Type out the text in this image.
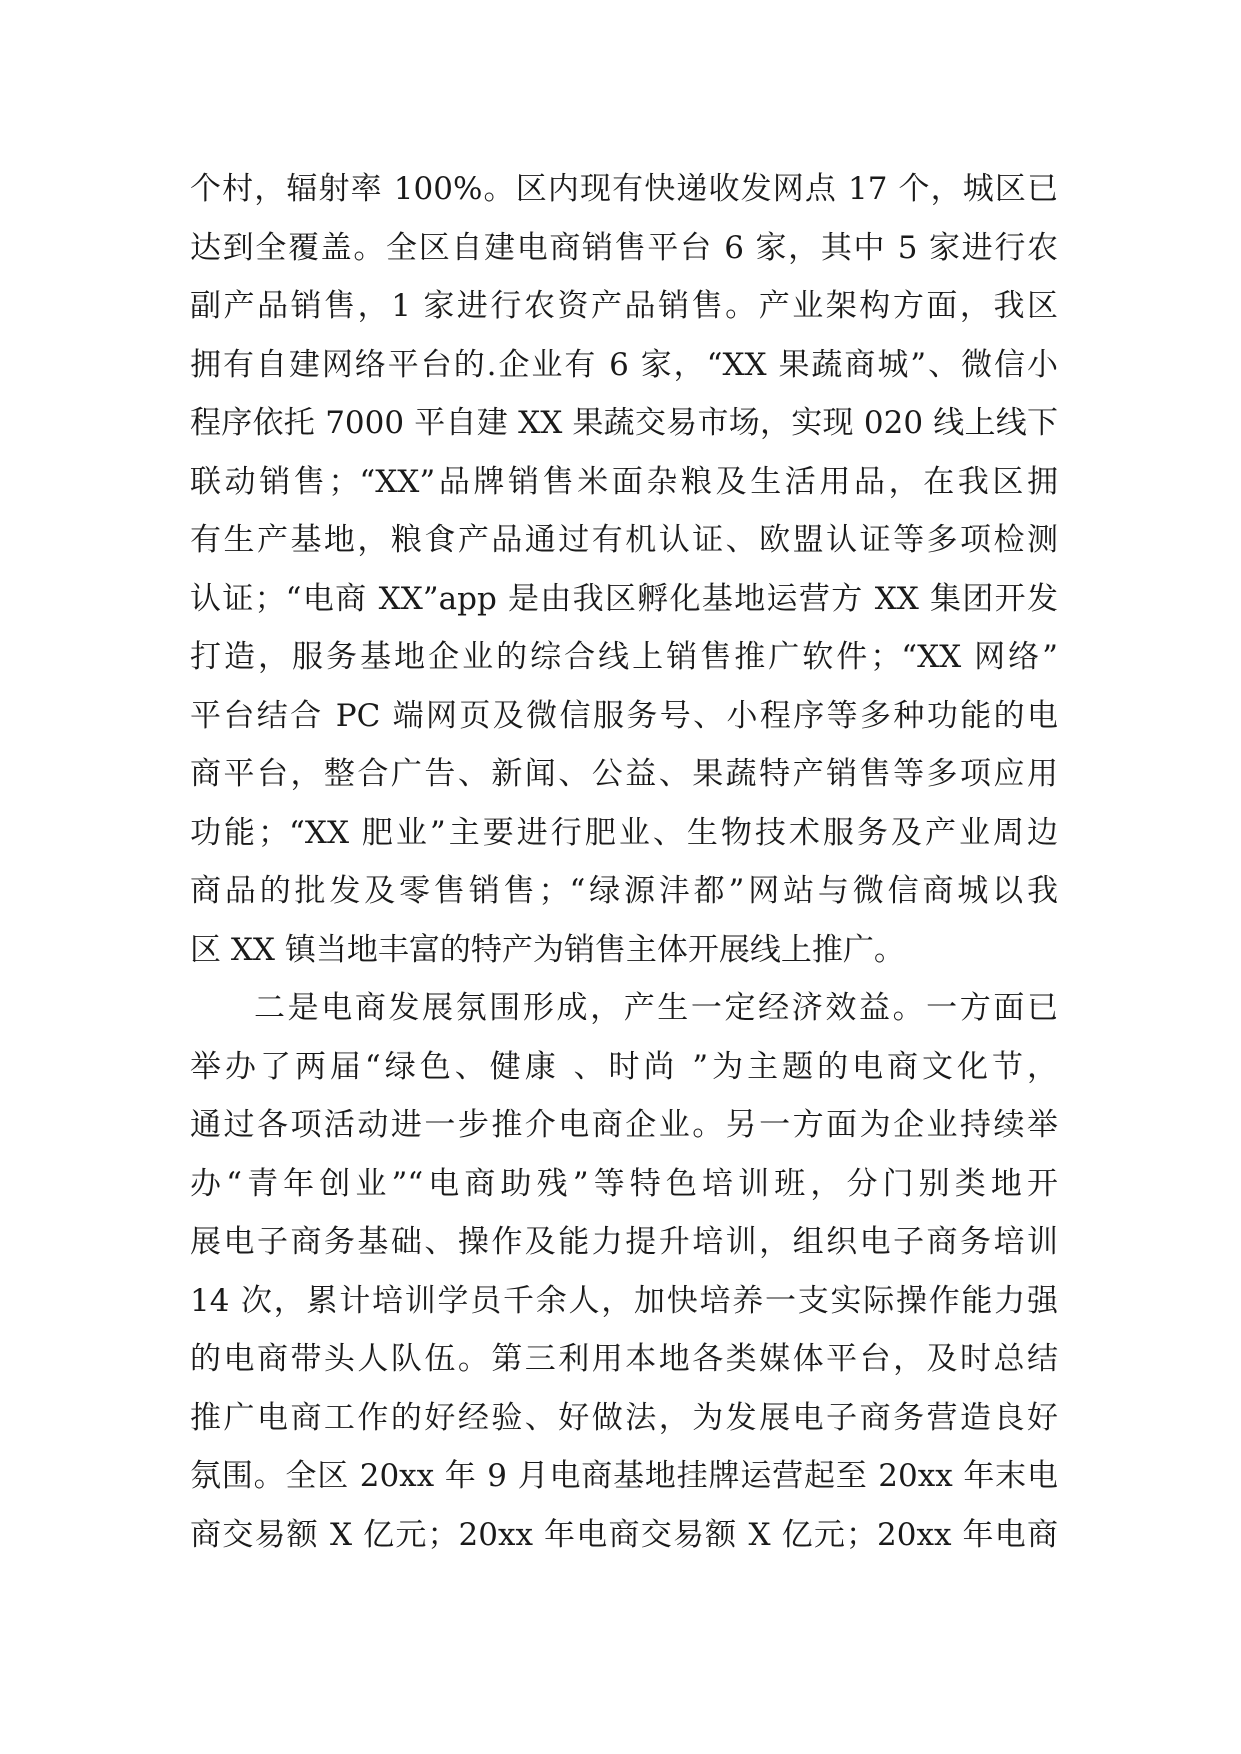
个村，辐射率 100%。区内现有快递收发网点 17 个，城区已
达到全覆盖。全区自建电商销售平台 6 家，其中 5 家进行农
副产品销售，1 家进行农资产品销售。产业架构方面，我区
拥有自建网络平台的.企业有 6 家，“XX 果蔬商城”、微信小
程序依托 7000 平自建 XX 果蔬交易市场，实现 020 线上线下
联动销售；“XX”品牌销售米面杂粮及生活用品，在我区拥
有生产基地，粮食产品通过有机认证、欧盟认证等多项检测
认证；“电商 XX”app 是由我区孵化基地运营方 XX 集团开发
打造，服务基地企业的综合线上销售推广软件；“XX 网络”
平台结合 PC 端网页及微信服务号、小程序等多种功能的电
商平台，整合广告、新闻、公益、果蔬特产销售等多项应用
功能；“XX 肥业”主要进行肥业、生物技术服务及产业周边
商品的批发及零售销售；“绿源沣都”网站与微信商城以我
区 XX 镇当地丰富的特产为销售主体开展线上推广。
二是电商发展氛围形成，产生一定经济效益。一方面已
举办了两届“绿色、健康 、时尚 ”为主题的电商文化节，
通过各项活动进一步推介电商企业。另一方面为企业持续举
办“青年创业”“电商助残”等特色培训班，分门别类地开
展电子商务基础、操作及能力提升培训，组织电子商务培训
14 次，累计培训学员千余人，加快培养一支实际操作能力强
的电商带头人队伍。第三利用本地各类媒体平台，及时总结
推广电商工作的好经验、好做法，为发展电子商务营造良好
氛围。全区 20xx 年 9 月电商基地挂牌运营起至 20xx 年末电
商交易额 X 亿元；20xx 年电商交易额 X 亿元；20xx 年电商
